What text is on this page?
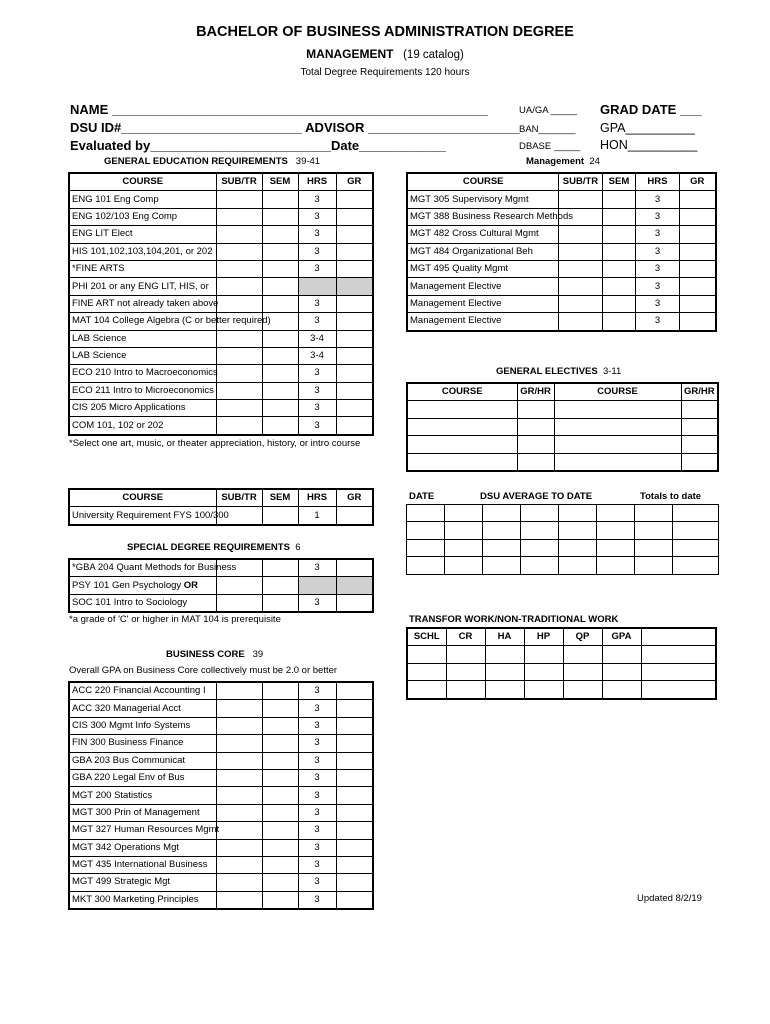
BACHELOR OF BUSINESS ADMINISTRATION DEGREE
MANAGEMENT (19 catalog)
Total Degree Requirements 120 hours
NAME ____________________________________________________
DSU ID#_________________________ ADVISOR _____________________
Evaluated by_________________________Date____________
UA/GA _____
BAN_______
DBASE _____
GRAD DATE ___
GPA__________
HON__________
GENERAL EDUCATION REQUIREMENTS 39-41	Management 24
COURSE	SUB/TR	SEM	HRS	GR
ENG 101 Eng Comp			3	
ENG 102/103 Eng Comp			3	
ENG LIT Elect			3	
HIS 101,102,103,104,201, or 202			3	
*FINE ARTS			3	
PHI 201 or any ENG LIT, HIS, or				
FINE ART not already taken above			3	
MAT 104 College Algebra (C or better required)			3	
LAB Science			3-4	
LAB Science			3-4	
ECO 210 Intro to Macroeconomics			3	
ECO 211 Intro to Microeconomics			3	
CIS 205 Micro Applications			3	
COM 101, 102 or 202			3	
*Select one art, music, or theater appreciation, history, or intro course
COURSE	SUB/TR	SEM	HRS	GR
MGT 305 Supervisory Mgmt			3	
MGT 388 Business Research Methods			3	
MGT 482 Cross Cultural Mgmt			3	
MGT 484 Organizational Beh			3	
MGT 495 Quality Mgmt			3	
Management Elective			3	
Management Elective			3	
Management Elective			3	
GENERAL ELECTIVES 3-11
COURSE	GR/HR	COURSE	GR/HR

COURSE	SUB/TR	SEM	HRS	GR
University Requirement FYS 100/300			1	
DATE	DSU AVERAGE TO DATE	Totals to date

SPECIAL DEGREE REQUIREMENTS 6
*GBA 204 Quant Methods for Business			3	
PSY 101 Gen Psychology OR				
SOC 101 Intro to Sociology			3	
*a grade of 'C' or higher in MAT 104 is prerequisite	TRANSFOR WORK/NON-TRADITIONAL WORK
SCHL	CR	HA	HP	QP	GPA	

BUSINESS CORE 39
Overall GPA on Business Core collectively must be 2.0 or better
ACC 220 Financial Accounting I			3	
ACC 320 Managerial Acct			3	
CIS 300 Mgmt Info Systems			3	
FIN 300 Business Finance			3	
GBA 203 Bus Communicat			3	
GBA 220 Legal Env of Bus			3	
MGT 200 Statistics			3	
MGT 300 Prin of Management			3	
MGT 327 Human Resources Mgmt			3	
MGT 342 Operations Mgt			3	
MGT 435 International Business			3	
MGT 499 Strategic Mgt			3	
MKT 300 Marketing Principles			3		Updated 8/2/19
